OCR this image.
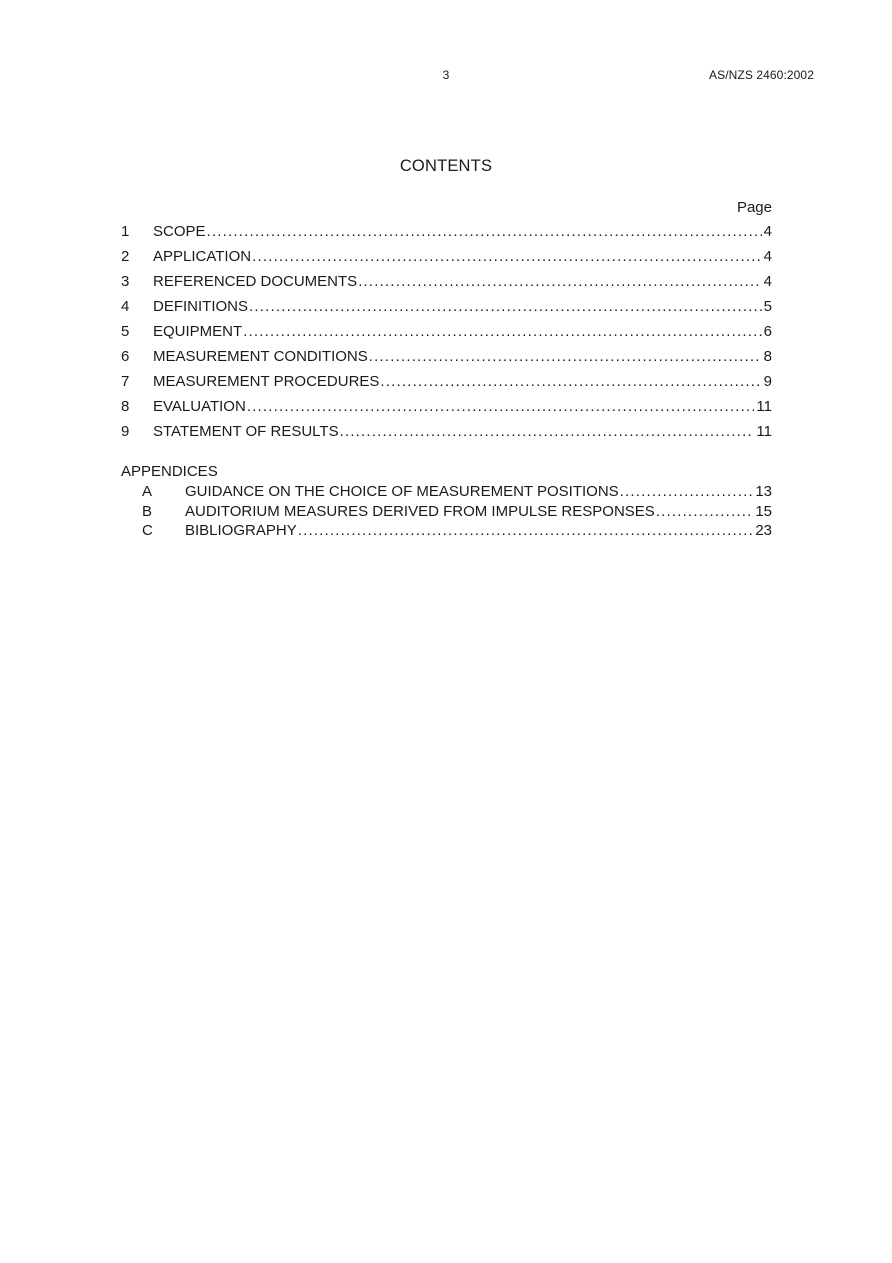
3	AS/NZS 2460:2002
CONTENTS
Page
1	SCOPE .....	4
2	APPLICATION .....	4
3	REFERENCED DOCUMENTS .....	4
4	DEFINITIONS .....	5
5	EQUIPMENT .....	6
6	MEASUREMENT CONDITIONS .....	8
7	MEASUREMENT PROCEDURES .....	9
8	EVALUATION .....	11
9	STATEMENT OF RESULTS .....	11
APPENDICES
A	GUIDANCE ON THE CHOICE OF MEASUREMENT POSITIONS .....	13
B	AUDITORIUM MEASURES DERIVED FROM IMPULSE RESPONSES .....	15
C	BIBLIOGRAPHY .....	23
